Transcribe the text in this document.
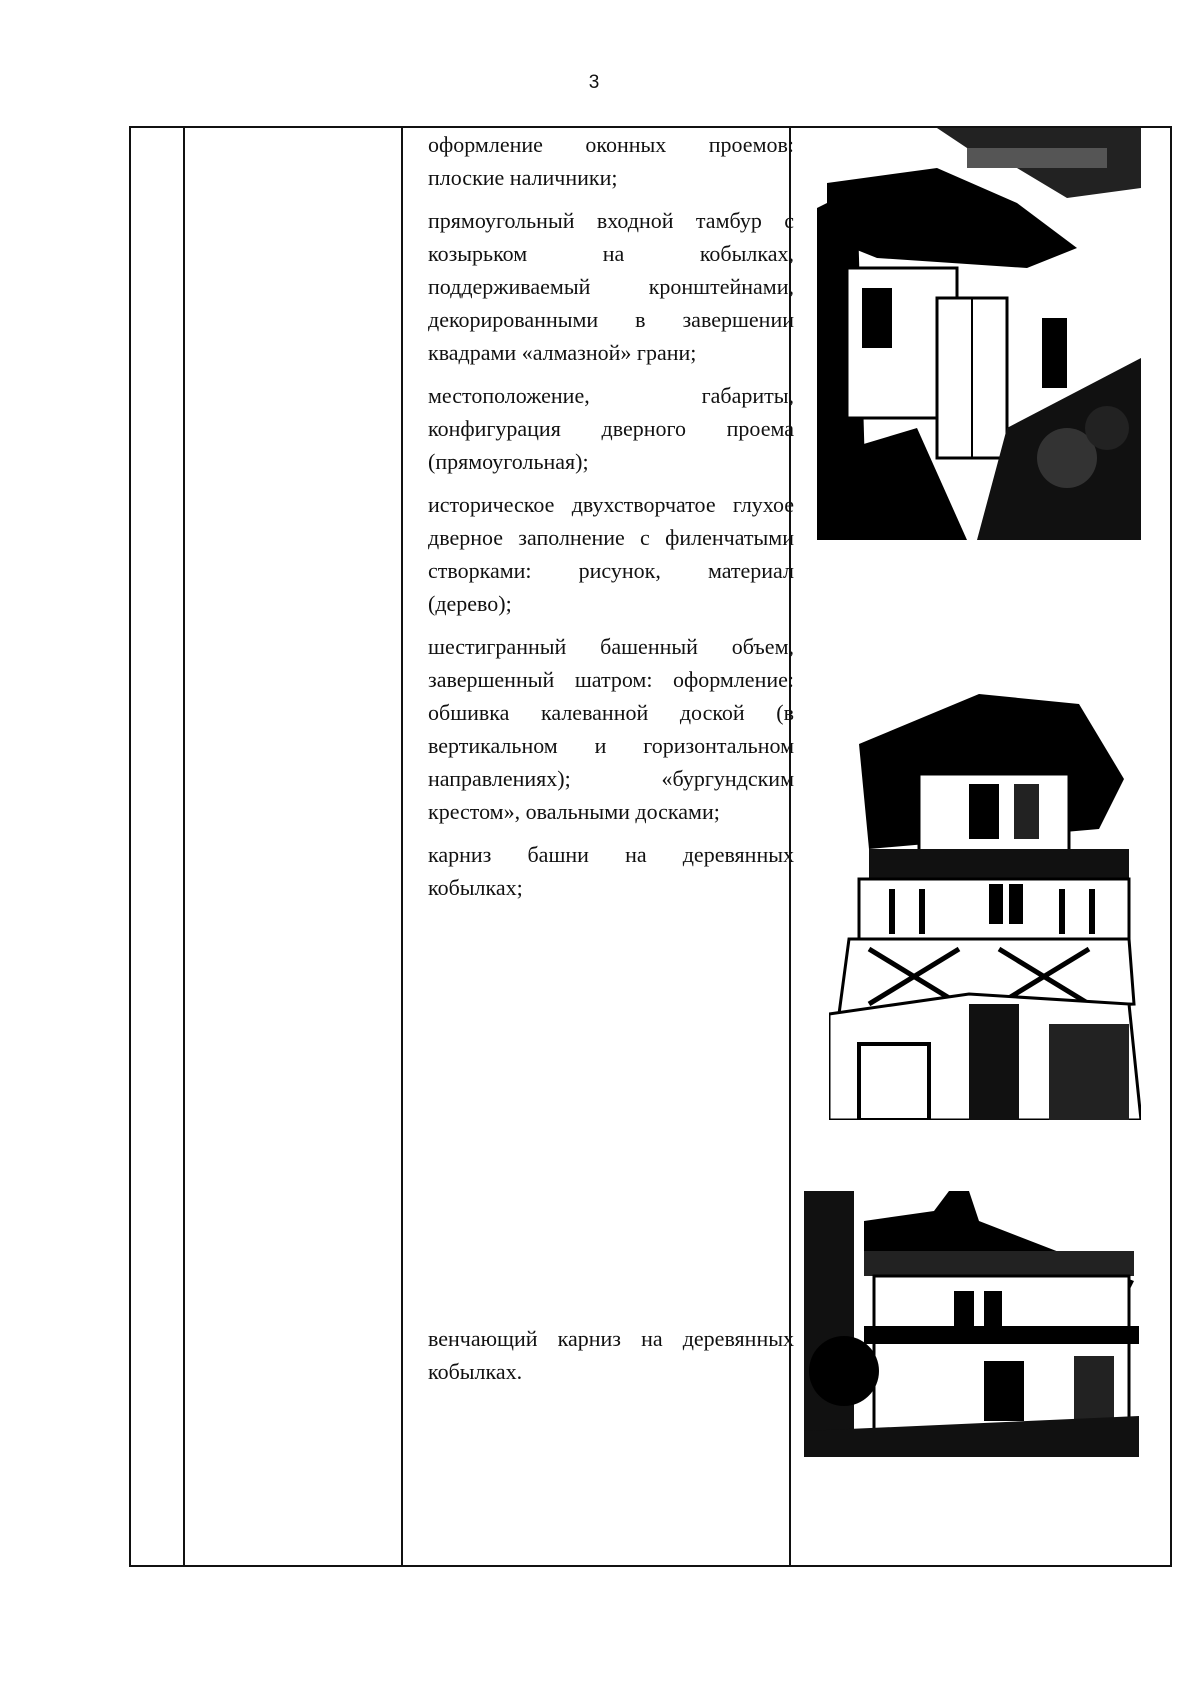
3

оформление оконных проемов: плоские наличники;

прямоугольный входной тамбур с козырьком на кобылках, поддерживаемый кронштейнами, декорированными в завершении квадрами «алмазной» грани;

местоположение, габариты, конфигурация дверного проема (прямоугольная);

историческое двухстворчатое глухое дверное заполнение с филенчатыми створками: рисунок, материал (дерево);

шестигранный башенный объем, завершенный шатром: оформление: обшивка калеванной доской (в вертикальном и горизонтальном направлениях); «бургундским крестом», овальными досками;

карниз башни на деревянных кобылках;

венчающий карниз на деревянных кобылках.
